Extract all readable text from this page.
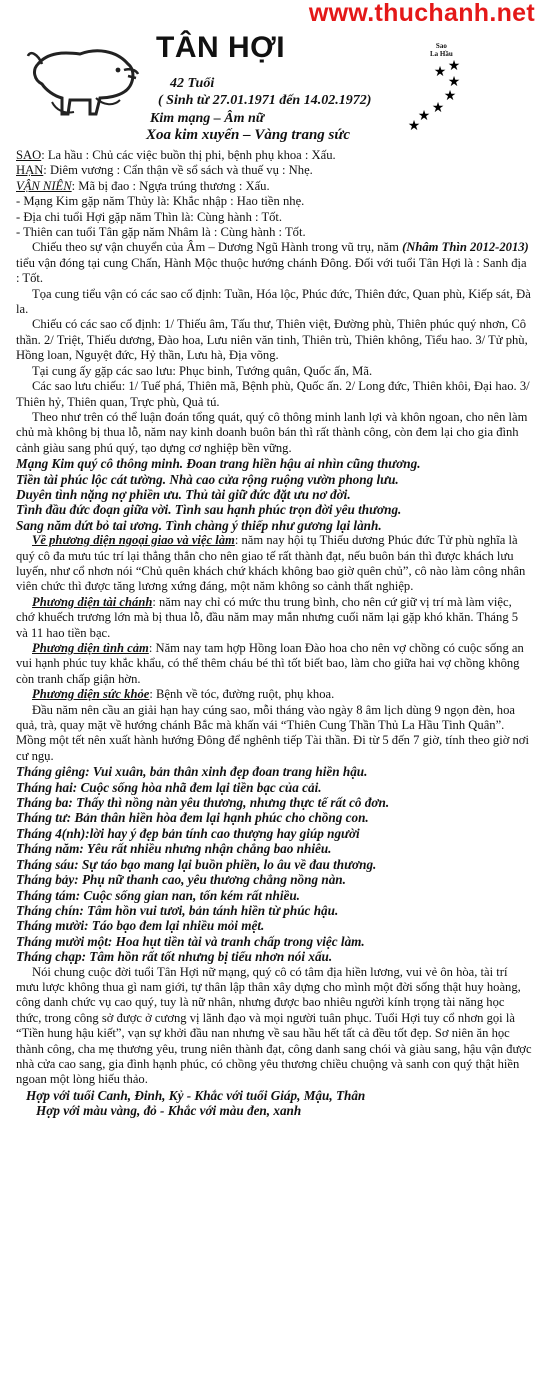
www.thuchanh.net
TÂN HỢI
42 Tuổi
( Sinh từ 27.01.1971 đến 14.02.1972)
Kim mạng – Âm nữ
Xoa kim xuyến – Vàng trang sức
Sao
La Hầu
★
★
★
★
★
★
★

SAO: La hầu : Chủ các việc buồn thị phi, bệnh phụ khoa : Xấu.

HẠN: Diêm vương : Cẩn thận về sổ sách và thuế vụ : Nhẹ.

VẬN NIÊN: Mã bị đao : Ngựa trúng thương : Xấu.

- Mạng Kim gặp năm Thủy là: Khắc nhập : Hao tiền nhẹ.

- Địa chi tuổi Hợi gặp năm Thìn là: Cùng hành : Tốt.

- Thiên can tuổi Tân gặp năm Nhâm là : Cùng hành : Tốt.

Chiếu theo sự vận chuyển của Âm – Dương Ngũ Hành trong vũ trụ, năm (Nhâm Thìn 2012-2013) tiểu vận đóng tại cung Chấn, Hành Mộc thuộc hướng chánh Đông. Đối với tuổi Tân Hợi là : Sanh địa : Tốt.

Tọa cung tiểu vận có các sao cố định: Tuần, Hóa lộc, Phúc đức, Thiên đức, Quan phù, Kiếp sát, Đà la.

Chiếu có các sao cố định: 1/ Thiếu âm, Tấu thư, Thiên việt, Đường phù, Thiên phúc quý nhơn, Cô thần. 2/ Triệt, Thiếu dương, Đào hoa, Lưu niên văn tinh, Thiên trù, Thiên không, Tiểu hao. 3/ Tử phù, Hồng loan, Nguyệt đức, Hỷ thần, Lưu hà, Địa võng.

Tại cung ấy gặp các sao lưu: Phục binh, Tướng quân, Quốc ấn, Mã.

Các sao lưu chiếu: 1/ Tuế phá, Thiên mã, Bệnh phù, Quốc ấn. 2/ Long đức, Thiên khôi, Đại hao. 3/ Thiên hỷ, Thiên quan, Trực phù, Quả tú.

Theo như trên có thể luận đoán tổng quát, quý cô thông minh lanh lợi và khôn ngoan, cho nên làm chủ mà không bị thua lỗ, năm nay kinh doanh buôn bán thì rất thành công, còn đem lại cho gia đình cảnh giàu sang phú quý, tạo dựng cơ nghiệp bền vững.

Mạng Kim quý cô thông minh. Đoan trang hiền hậu ai nhìn cũng thương.

Tiền tài phúc lộc cát tường. Nhà cao cửa rộng ruộng vườn phong lưu.

Duyên tình nặng nợ phiền ưu. Thủ tài giữ đức đặt ưu nơ đời.

Tình đầu đức đoạn giữa vời. Tình sau hạnh phúc trọn đời yêu thương.

Sang năm dứt bỏ tai ương. Tình chàng ý thiếp như gương lại lành.

Về phương diện ngoại giao và việc làm: năm nay hội tụ Thiếu dương Phúc đức Tử phù nghĩa là quý cô đa mưu túc trí lại thẳng thắn cho nên giao tế rất thành đạt, nếu buôn bán thì được khách lưu luyến, như cổ nhơn nói “Chủ quên khách chứ khách không bao giờ quên chủ”, cô nào làm công nhân viên chức thì được tăng lương xứng đáng, một năm không so cảnh thất nghiệp.

Phương diện tài chánh: năm nay chỉ có mức thu trung bình, cho nên cứ giữ vị trí mà làm việc, chớ khuếch trương lớn mà bị thua lỗ, đầu năm may mắn nhưng cuối năm lại gặp khó khăn. Tháng 5 và 11 hao tiền bạc.

Phương diện tình cảm: Năm nay tam hợp Hồng loan Đào hoa cho nên vợ chồng có cuộc sống an vui hạnh phúc tuy khắc khẩu, có thể thêm cháu bé thì tốt biết bao, làm cho giữa hai vợ chồng không còn tranh chấp giận hờn.

Phương diện sức khỏe: Bệnh về tóc, đường ruột, phụ khoa.

Đầu năm nên cầu an giải hạn hay cúng sao, mỗi tháng vào ngày 8 âm lịch dùng 9 ngọn đèn, hoa quả, trà, quay mặt về hướng chánh Bắc mà khấn vái “Thiên Cung Thần Thủ La Hầu Tinh Quân”. Mồng một tết nên xuất hành hướng Đông để nghênh tiếp Tài thần. Đi từ 5 đến 7 giờ, tính theo giờ nơi cư ngụ.

Tháng giêng: Vui xuân, bản thân xinh đẹp đoan trang hiền hậu.

Tháng hai: Cuộc sống hòa nhã đem lại tiền bạc của cải.

Tháng ba: Thấy thì nồng nàn yêu thương, nhưng thực tế rất cô đơn.

Tháng tư: Bản thân hiền hòa đem lại hạnh phúc cho chồng con.

Tháng 4(nh):lời hay ý đẹp bản tính cao thượng hay giúp người

Tháng năm: Yêu rất nhiều nhưng nhận chẳng bao nhiêu.

Tháng sáu: Sự táo bạo mang lại buồn phiền, lo âu về đau thương.

Tháng bảy: Phụ nữ thanh cao, yêu thương chẳng nồng nàn.

Tháng tám: Cuộc sống gian nan, tốn kém rất nhiều.

Tháng chín: Tâm hồn vui tươi, bản tánh hiền từ phúc hậu.

Tháng mười: Táo bạo đem lại nhiều mỏi mệt.

Tháng mười một: Hoa hụt tiền tài và tranh chấp trong việc làm.

Tháng chạp: Tâm hồn rất tốt nhưng bị tiểu nhơn nói xấu.

Nói chung cuộc đời tuổi Tân Hợi nữ mạng, quý cô có tâm địa hiền lương, vui vẻ ôn hòa, tài trí mưu lược không thua gì nam giới, tự thân lập thân xây dựng cho mình một đời sống thật huy hoàng, công danh chức vụ cao quý, tuy là nữ nhân, nhưng được bao nhiêu người kính trọng tài năng học thức, trong công sở được ở cương vị lãnh đạo và mọi người tuân phục. Tuổi Hợi tuy cổ nhơn gọi là “Tiền hung hậu kiết”, vạn sự khởi đầu nan nhưng về sau hầu hết tất cả đều tốt đẹp. Sơ niên ăn học thành công, cha mẹ thương yêu, trung niên thành đạt, công danh sang chói và giàu sang, hậu vận được nhà cửa cao sang, gia đình hạnh phúc, có chồng yêu thương chiều chuộng và sanh con quý thật hiền ngoan một lòng hiếu thảo.

Hợp với tuổi Canh, Đinh, Kỷ - Khắc với tuổi Giáp, Mậu, Thân

Hợp với màu vàng, đỏ - Khắc với màu đen, xanh
